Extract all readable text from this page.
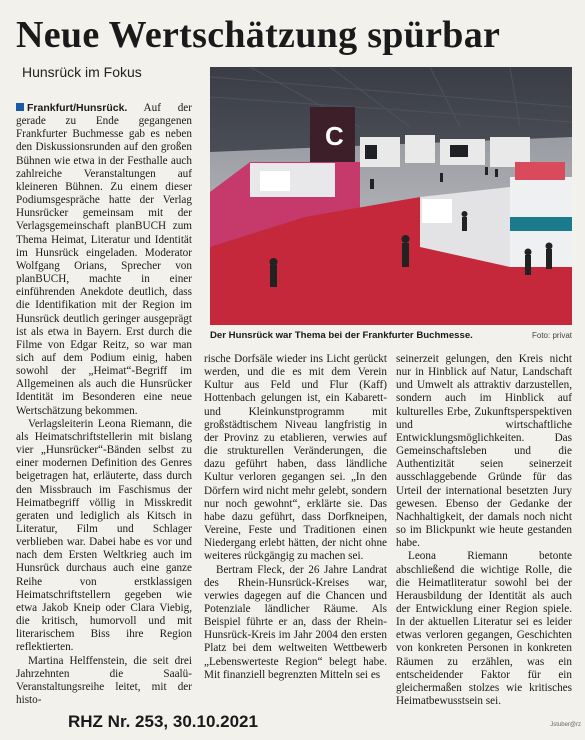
Neue Wertschätzung spürbar
Hunsrück im Fokus

Frankfurt/Hunsrück. Auf der gerade zu Ende gegangenen Frankfurter Buchmesse gab es neben den Diskussionsrunden auf den großen Bühnen wie etwa in der Festhalle auch zahlreiche Veranstaltungen auf kleineren Bühnen. Zu einem dieser Podiumsgespräche hatte der Verlag Hunsrücker gemeinsam mit der Verlagsgemeinschaft planBUCH zum Thema Heimat, Literatur und Identität im Hunsrück eingeladen. Moderator Wolfgang Orians, Sprecher von planBUCH, machte in einer einführenden Anekdote deutlich, dass die Identifikation mit der Region im Hunsrück deutlich geringer ausgeprägt ist als etwa in Bayern. Erst durch die Filme von Edgar Reitz, so war man sich auf dem Podium einig, haben sowohl der „Heimat“-Begriff im Allgemeinen als auch die Hunsrücker Identität im Besonderen eine neue Wertschätzung bekommen.

Verlagsleiterin Leona Riemann, die als Heimatschriftstellerin mit bislang vier „Hunsrücker“-Bänden selbst zu einer modernen Definition des Genres beigetragen hat, erläuterte, dass durch den Missbrauch im Faschismus der Heimatbegriff völlig in Misskredit geraten und lediglich als Kitsch in Literatur, Film und Schlager verblieben war. Dabei habe es vor und nach dem Ersten Weltkrieg auch im Hunsrück durchaus auch eine ganze Reihe von erstklassigen Heimatschriftstellern gegeben wie etwa Jakob Kneip oder Clara Viebig, die kritisch, humorvoll und mit literarischem Biss ihre Region reflektierten.

Martina Helffenstein, die seit drei Jahrzehnten die Saalü-Veranstaltungsreihe leitet, mit der histo-

C
Der Hunsrück war Thema bei der Frankfurter Buchmesse.	Foto: privat

rische Dorfsäle wieder ins Licht gerückt werden, und die es mit dem Verein Kultur aus Feld und Flur (Kaff) Hottenbach gelungen ist, ein Kabarett- und Kleinkunstprogramm mit großstädtischem Niveau langfristig in der Provinz zu etablieren, verwies auf die strukturellen Veränderungen, die dazu geführt haben, dass ländliche Kultur verloren gegangen sei. „In den Dörfern wird nicht mehr gelebt, sondern nur noch gewohnt“, erklärte sie. Das habe dazu geführt, dass Dorfkneipen, Vereine, Feste und Traditionen einen Niedergang erlebt hätten, der nicht ohne weiteres rückgängig zu machen sei.

Bertram Fleck, der 26 Jahre Landrat des Rhein-Hunsrück-Kreises war, verwies dagegen auf die Chancen und Potenziale ländlicher Räume. Als Beispiel führte er an, dass der Rhein-Hunsrück-Kreis im Jahr 2004 den ersten Platz bei dem weltweiten Wettbewerb „Lebenswerteste Region“ belegt habe. Mit finanziell begrenzten Mitteln sei es

seinerzeit gelungen, den Kreis nicht nur in Hinblick auf Natur, Landschaft und Umwelt als attraktiv darzustellen, sondern auch im Hinblick auf kulturelles Erbe, Zukunftsperspektiven und wirtschaftliche Entwicklungsmöglichkeiten. Das Gemeinschaftsleben und die Authentizität seien seinerzeit ausschlaggebende Gründe für das Urteil der international besetzten Jury gewesen. Ebenso der Gedanke der Nachhaltigkeit, der damals noch nicht so im Blickpunkt wie heute gestanden habe.

Leona Riemann betonte abschließend die wichtige Rolle, die die Heimatliteratur sowohl bei der Herausbildung der Identität als auch der Entwicklung einer Region spiele. In der aktuellen Literatur sei es leider etwas verloren gegangen, Geschichten von konkreten Personen in konkreten Räumen zu erzählen, was ein entscheidender Faktor für ein gleichermaßen stolzes wie kritisches Heimatbewusstsein sei.

RHZ Nr. 253, 30.10.2021	Jstuber@rz
